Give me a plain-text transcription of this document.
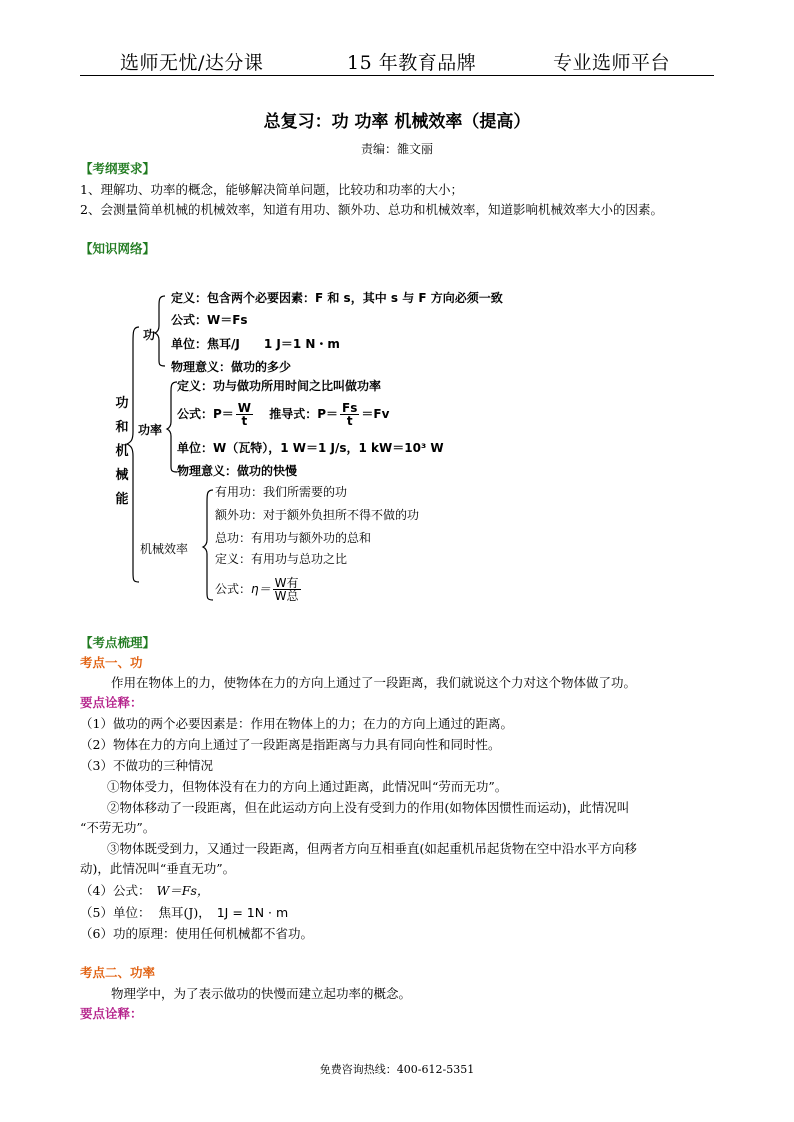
选师无忧/达分课	15 年教育品牌	专业选师平台
总复习：功 功率 机械效率（提高）
责编：雒文丽
【考纲要求】
1、理解功、功率的概念，能够解决简单问题，比较功和功率的大小；
2、会测量简单机械的机械效率，知道有用功、额外功、总功和机械效率，知道影响机械效率大小的因素。
【知识网络】
功和机械能
功
定义：包含两个必要因素：F 和 s，其中 s 与 F 方向必须一致
公式：W＝Fs
单位：焦耳/J　　1 J＝1 N・m
物理意义：做功的多少
功率
定义：功与做功所用时间之比叫做功率
公式：$P= \frac{W}{t}$ 推导式：$P= \frac{Fs}{t} =Fv$
单位：W（瓦特），1 W＝1 J/s，1 kW＝10³ W
物理意义：做功的快慢
机械效率
有用功：我们所需要的功
额外功：对于额外负担所不得不做的功
总功：有用功与额外功的总和
定义：有用功与总功之比
公式：$\eta= \frac{\text{W有}}{\text{W总}}$
【考点梳理】
考点一、功
作用在物体上的力，使物体在力的方向上通过了一段距离，我们就说这个力对这个物体做了功。
要点诠释：
（1）做功的两个必要因素是：作用在物体上的力；在力的方向上通过的距离。
（2）物体在力的方向上通过了一段距离是指距离与力具有同向性和同时性。
（3）不做功的三种情况
①物体受力，但物体没有在力的方向上通过距离，此情况叫“劳而无功”。
②物体移动了一段距离，但在此运动方向上没有受到力的作用(如物体因惯性而运动)，此情况叫
“不劳无功”。
③物体既受到力，又通过一段距离，但两者方向互相垂直(如起重机吊起货物在空中沿水平方向移
动)，此情况叫“垂直无功”。
（4）公式： W＝Fs，
（5）单位： 焦耳(J)， 1J = 1N · m
（6）功的原理：使用任何机械都不省功。
考点二、功率
物理学中，为了表示做功的快慢而建立起功率的概念。
要点诠释：
免费咨询热线：400-612-5351
